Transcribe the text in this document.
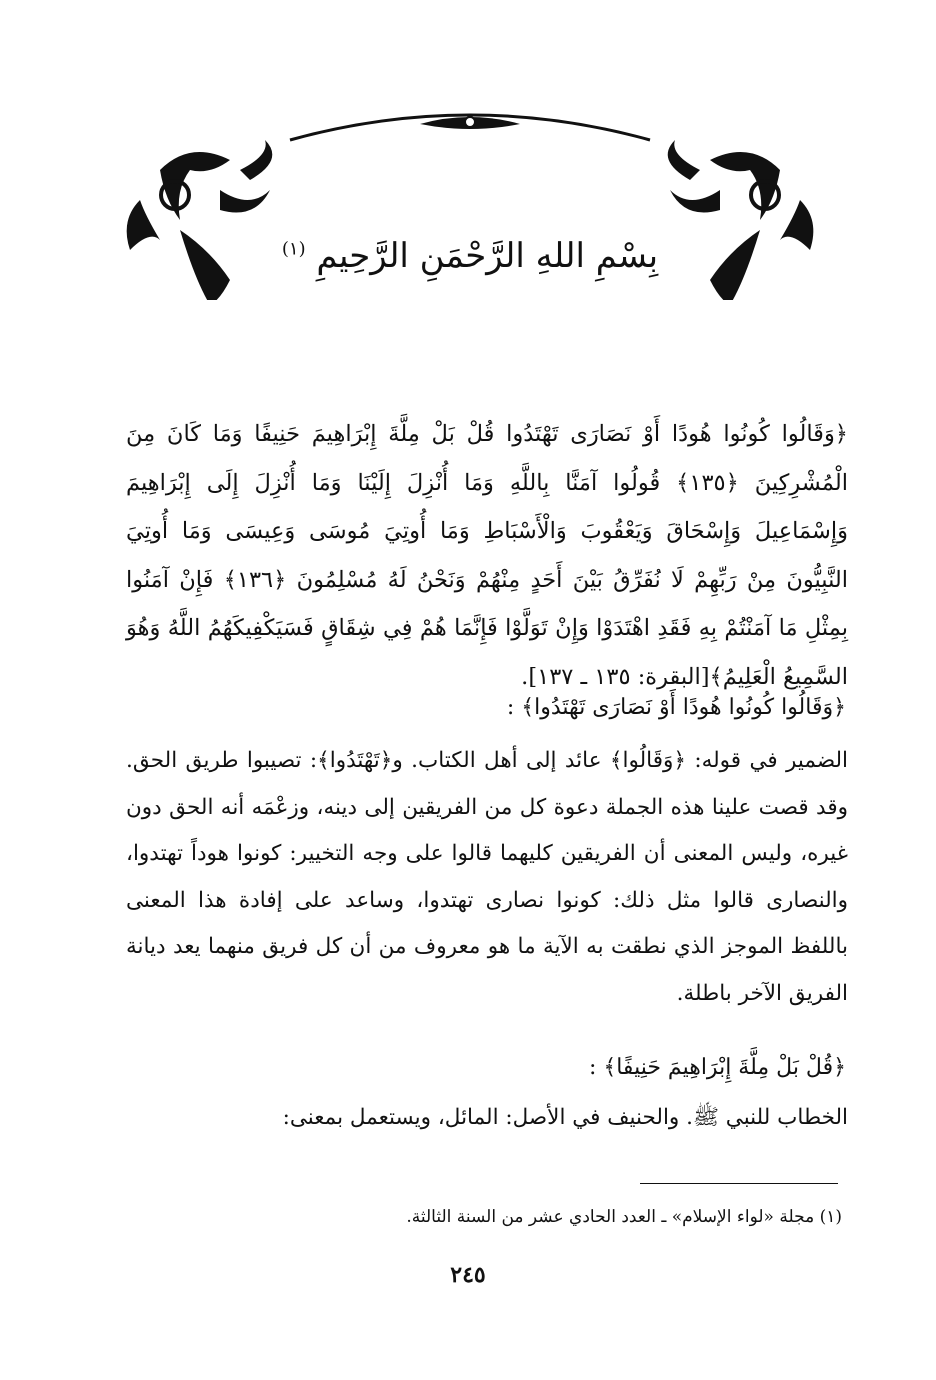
بِسْمِ اللهِ الرَّحْمَنِ الرَّحِيمِ $^{(١)}$
﴿وَقَالُوا كُونُوا هُودًا أَوْ نَصَارَى تَهْتَدُوا قُلْ بَلْ مِلَّةَ إِبْرَاهِيمَ حَنِيفًا وَمَا كَانَ مِنَ الْمُشْرِكِينَ ﴿١٣٥﴾ قُولُوا آمَنَّا بِاللَّهِ وَمَا أُنْزِلَ إِلَيْنَا وَمَا أُنْزِلَ إِلَى إِبْرَاهِيمَ وَإِسْمَاعِيلَ وَإِسْحَاقَ وَيَعْقُوبَ وَالْأَسْبَاطِ وَمَا أُوتِيَ مُوسَى وَعِيسَى وَمَا أُوتِيَ النَّبِيُّونَ مِنْ رَبِّهِمْ لَا نُفَرِّقُ بَيْنَ أَحَدٍ مِنْهُمْ وَنَحْنُ لَهُ مُسْلِمُونَ ﴿١٣٦﴾ فَإِنْ آمَنُوا بِمِثْلِ مَا آمَنْتُمْ بِهِ فَقَدِ اهْتَدَوْا وَإِنْ تَوَلَّوْا فَإِنَّمَا هُمْ فِي شِقَاقٍ فَسَيَكْفِيكَهُمُ اللَّهُ وَهُوَ السَّمِيعُ الْعَلِيمُ﴾[البقرة: ١٣٥ ـ ١٣٧].
﴿وَقَالُوا كُونُوا هُودًا أَوْ نَصَارَى تَهْتَدُوا﴾ :
الضمير في قوله: ﴿وَقَالُوا﴾ عائد إلى أهل الكتاب. و﴿تَهْتَدُوا﴾: تصيبوا طريق الحق. وقد قصت علينا هذه الجملة دعوة كل من الفريقين إلى دينه، وزعْمَه أنه الحق دون غيره، وليس المعنى أن الفريقين كليهما قالوا على وجه التخيير: كونوا هوداً تهتدوا، والنصارى قالوا مثل ذلك: كونوا نصارى تهتدوا، وساعد على إفادة هذا المعنى باللفظ الموجز الذي نطقت به الآية ما هو معروف من أن كل فريق منهما يعد ديانة الفريق الآخر باطلة.
﴿قُلْ بَلْ مِلَّةَ إِبْرَاهِيمَ حَنِيفًا﴾ :
الخطاب للنبي ﷺ. والحنيف في الأصل: المائل، ويستعمل بمعنى:
(١) مجلة «لواء الإسلام» ـ العدد الحادي عشر من السنة الثالثة.
٢٤٥
